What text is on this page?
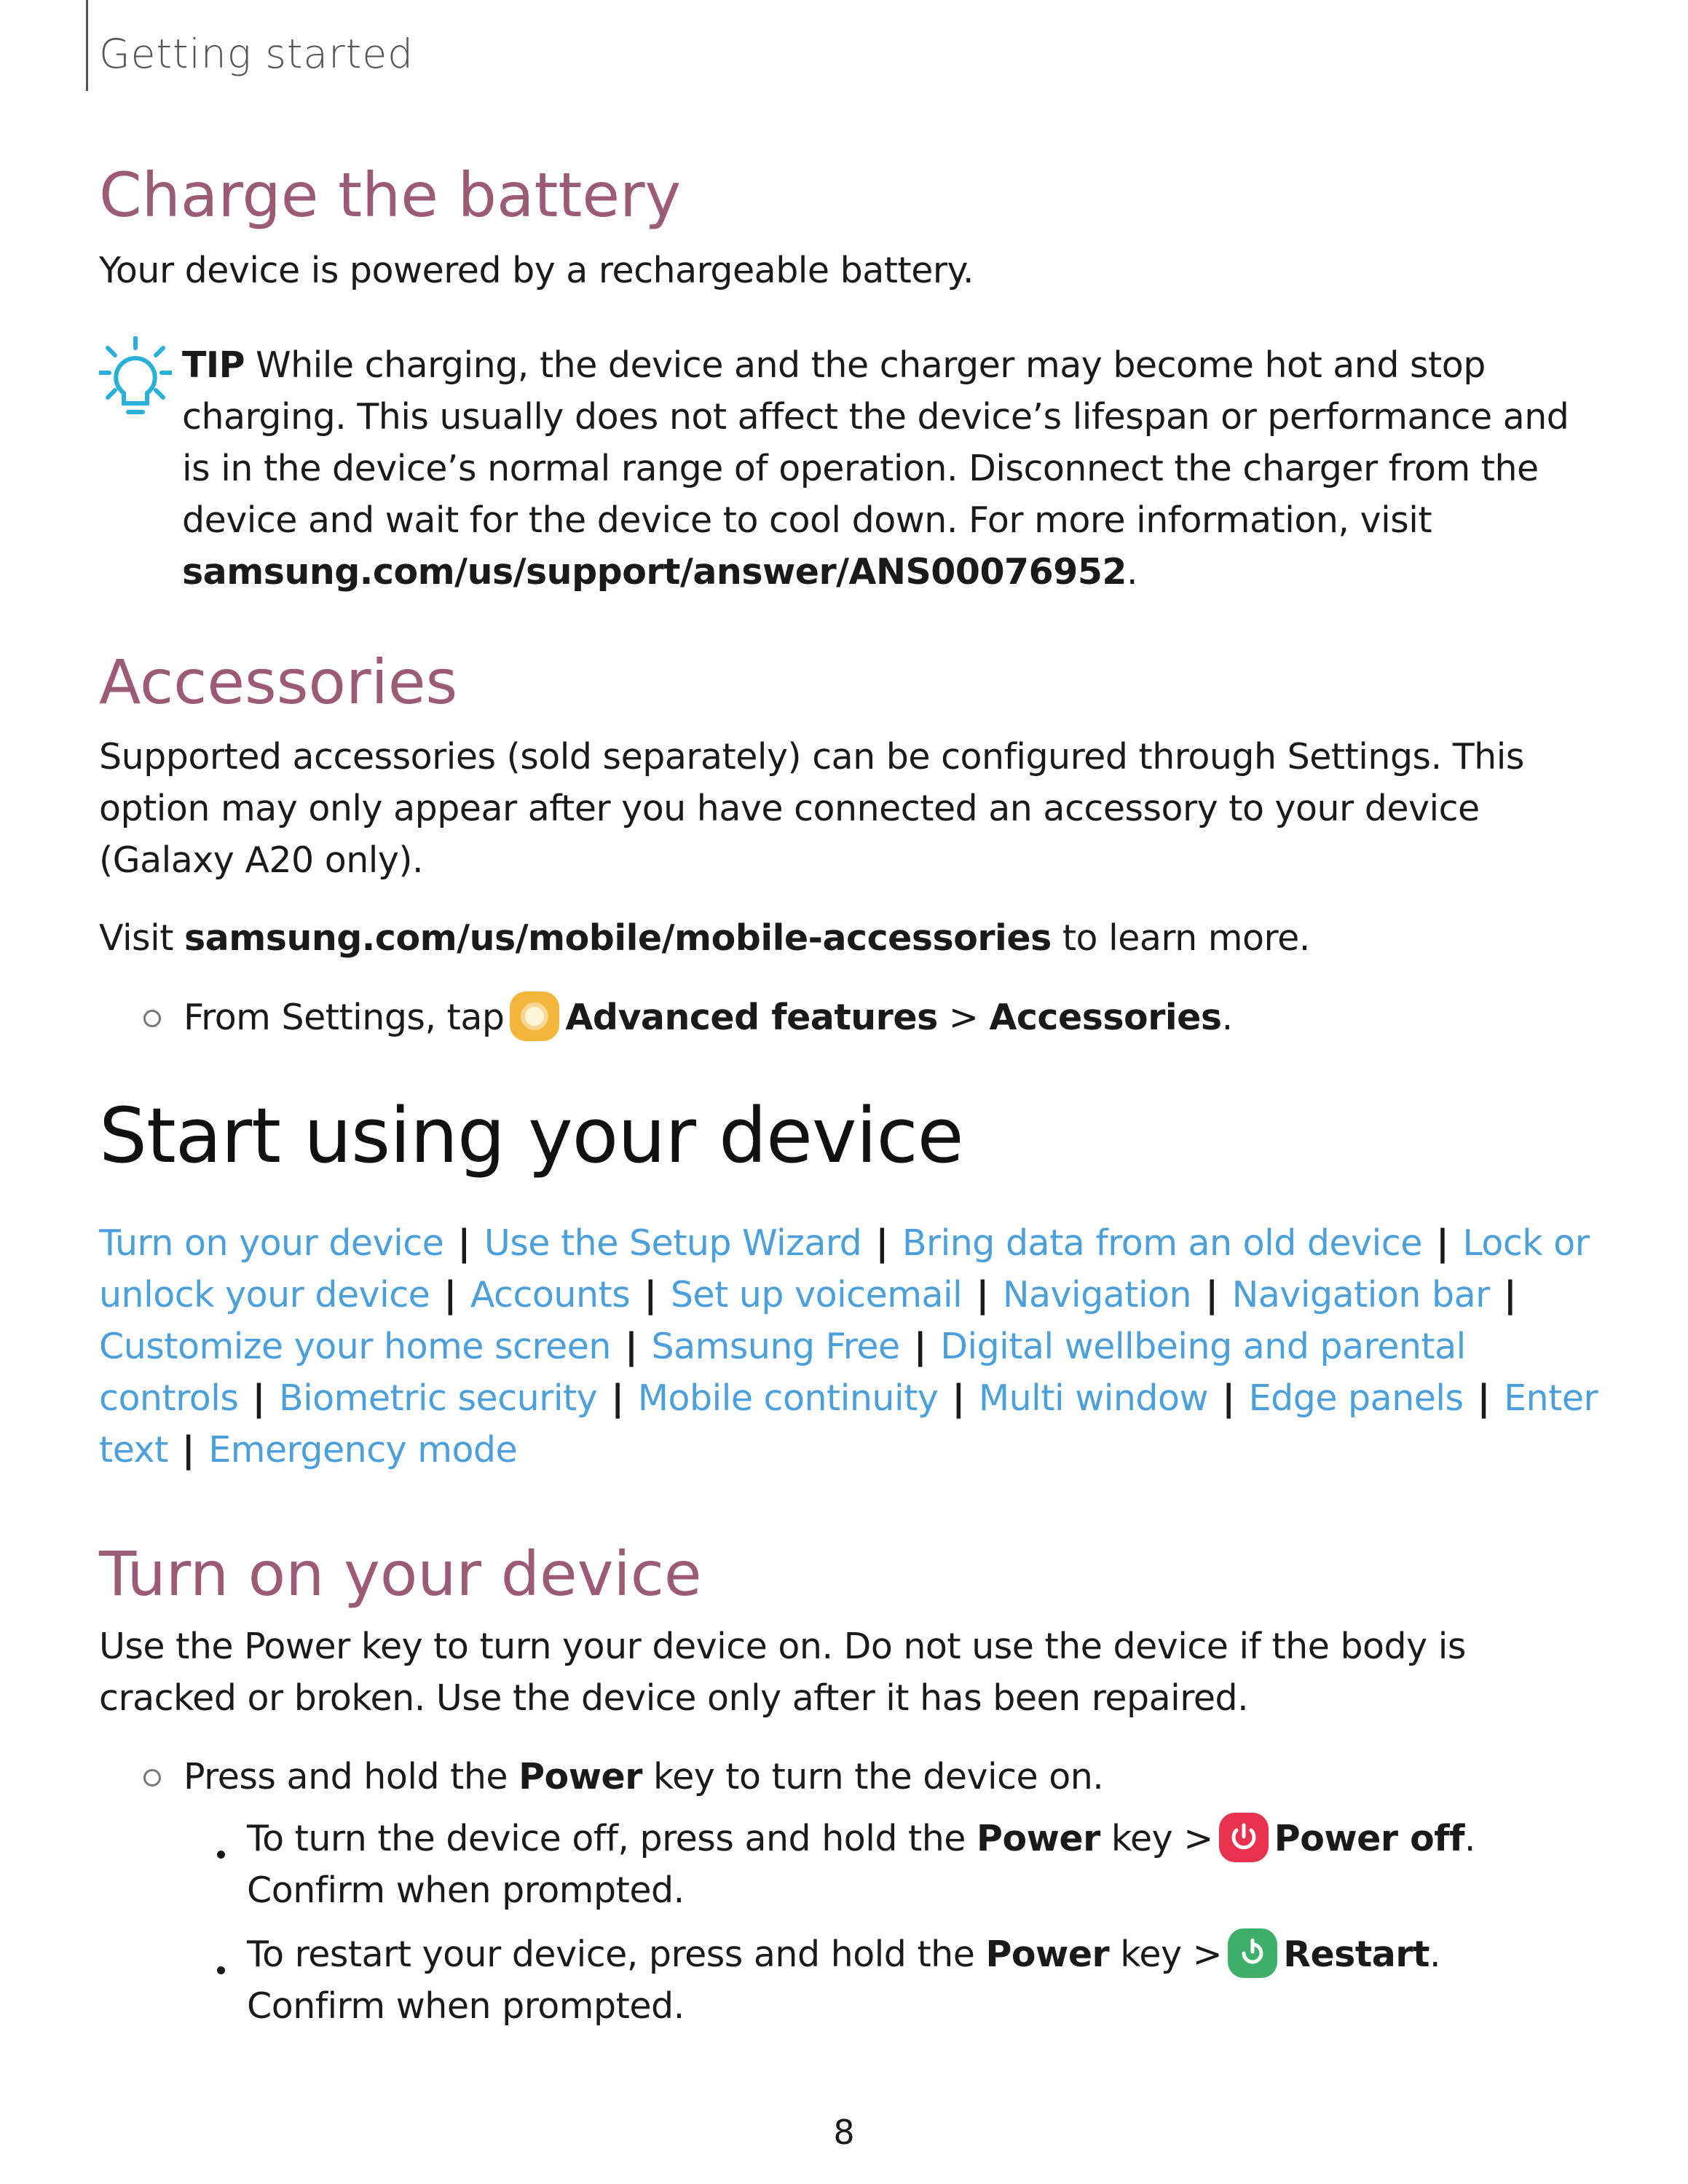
Getting started
Charge the battery

Your device is powered by a rechargeable battery.

TIP While charging, the device and the charger may become hot and stop charging. This usually does not affect the device’s lifespan or performance and is in the device’s normal range of operation. Disconnect the charger from the device and wait for the device to cool down. For more information, visit samsung.com/us/support/answer/ANS00076952.
Accessories

Supported accessories (sold separately) can be configured through Settings. This option may only appear after you have connected an accessory to your device (Galaxy A20 only).

Visit samsung.com/us/mobile/mobile-accessories to learn more.

From Settings, tap Advanced features > Accessories.

Start using your device

Turn on your device | Use the Setup Wizard | Bring data from an old device | Lock or unlock your device | Accounts | Set up voicemail | Navigation | Navigation bar | Customize your home screen | Samsung Free | Digital wellbeing and parental controls | Biometric security | Mobile continuity | Multi window | Edge panels | Enter text | Emergency mode

Turn on your device

Use the Power key to turn your device on. Do not use the device if the body is cracked or broken. Use the device only after it has been repaired.

Press and hold the Power key to turn the device on.

To turn the device off, press and hold the Power key > Power off.
Confirm when prompted.

To restart your device, press and hold the Power key > Restart.
Confirm when prompted.

8
